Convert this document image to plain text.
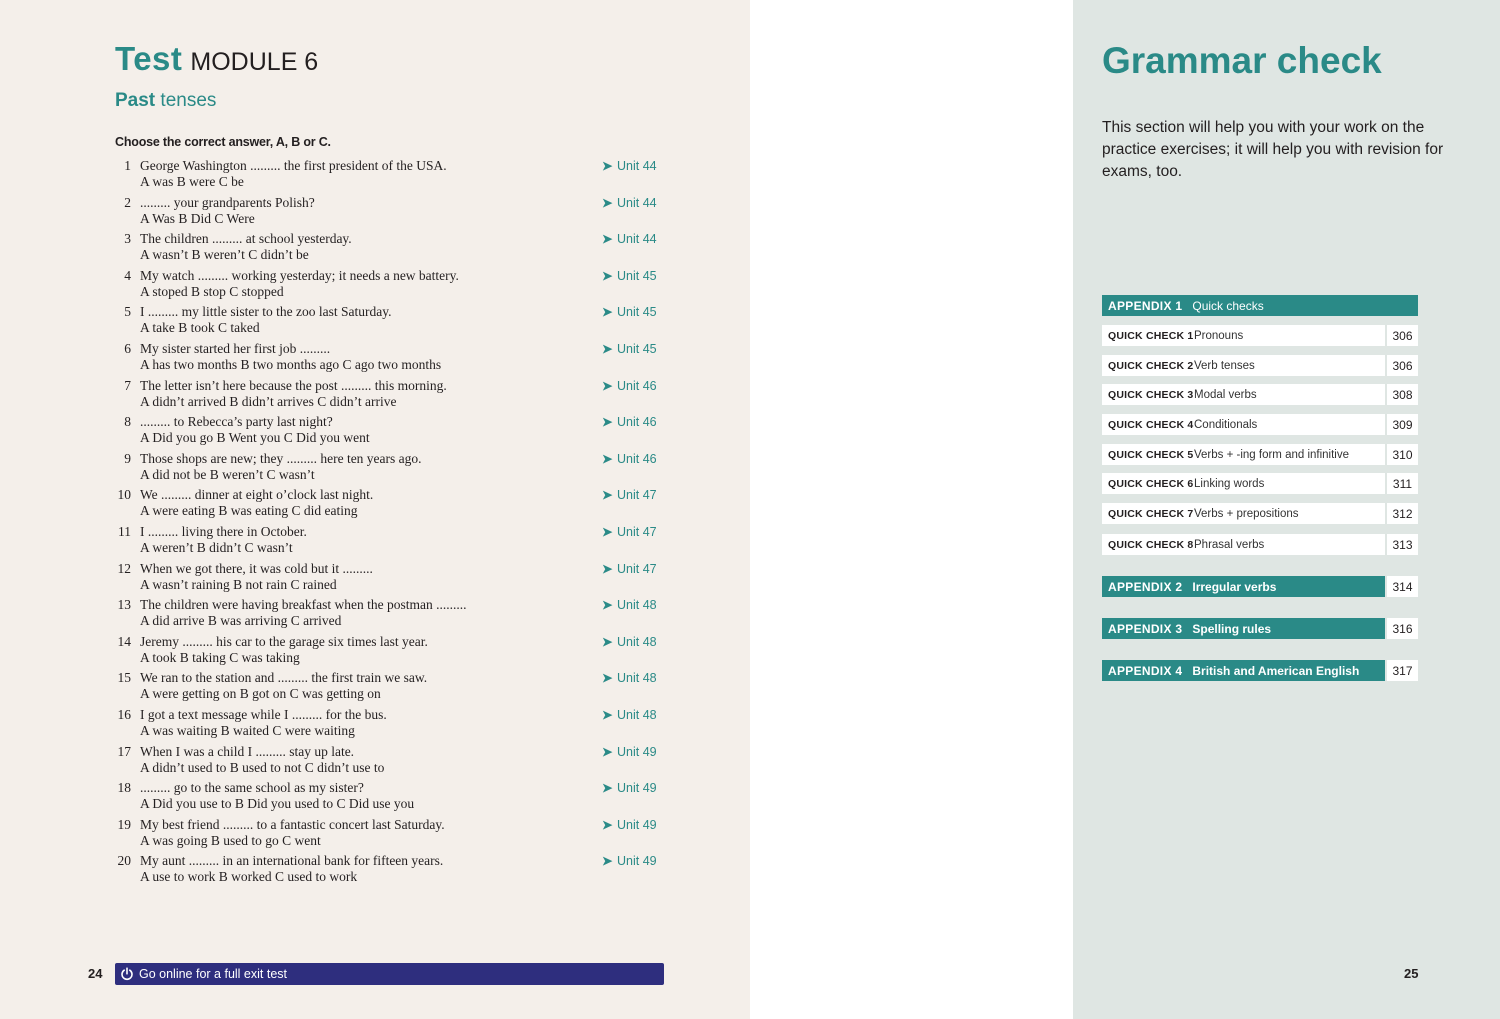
Test MODULE 6
Past tenses
Choose the correct answer, A, B or C.
1 George Washington ......... the first president of the USA.
A was B were C be
➤ Unit 44
2 ......... your grandparents Polish?
A Was B Did C Were
➤ Unit 44
3 The children ......... at school yesterday.
A wasn’t B weren’t C didn’t be
➤ Unit 44
4 My watch ......... working yesterday; it needs a new battery.
A stoped B stop C stopped
➤ Unit 45
5 I ......... my little sister to the zoo last Saturday.
A take B took C taked
➤ Unit 45
6 My sister started her first job .........
A has two months B two months ago C ago two months
➤ Unit 45
7 The letter isn’t here because the post ......... this morning.
A didn’t arrived B didn’t arrives C didn’t arrive
➤ Unit 46
8 ......... to Rebecca’s party last night?
A Did you go B Went you C Did you went
➤ Unit 46
9 Those shops are new; they ......... here ten years ago.
A did not be B weren’t C wasn’t
➤ Unit 46
10 We ......... dinner at eight o’clock last night.
A were eating B was eating C did eating
➤ Unit 47
11 I ......... living there in October.
A weren’t B didn’t C wasn’t
➤ Unit 47
12 When we got there, it was cold but it .........
A wasn’t raining B not rain C rained
➤ Unit 47
13 The children were having breakfast when the postman .........
A did arrive B was arriving C arrived
➤ Unit 48
14 Jeremy ......... his car to the garage six times last year.
A took B taking C was taking
➤ Unit 48
15 We ran to the station and ......... the first train we saw.
A were getting on B got on C was getting on
➤ Unit 48
16 I got a text message while I ......... for the bus.
A was waiting B waited C were waiting
➤ Unit 48
17 When I was a child I ......... stay up late.
A didn’t used to B used to not C didn’t use to
➤ Unit 49
18 ......... go to the same school as my sister?
A Did you use to B Did you used to C Did use you
➤ Unit 49
19 My best friend ......... to a fantastic concert last Saturday.
A was going B used to go C went
➤ Unit 49
20 My aunt ......... in an international bank for fifteen years.
A use to work B worked C used to work
➤ Unit 49
24	Go online for a full exit test
Grammar check
This section will help you with your work on the practice exercises; it will help you with revision for exams, too.
APPENDIX 1 Quick checks
QUICK CHECK 1 Pronouns	306
QUICK CHECK 2 Verb tenses	306
QUICK CHECK 3 Modal verbs	308
QUICK CHECK 4 Conditionals	309
QUICK CHECK 5 Verbs + -ing form and infinitive	310
QUICK CHECK 6 Linking words	311
QUICK CHECK 7 Verbs + prepositions	312
QUICK CHECK 8 Phrasal verbs	313
APPENDIX 2 Irregular verbs	314
APPENDIX 3 Spelling rules	316
APPENDIX 4 British and American English	317
25
